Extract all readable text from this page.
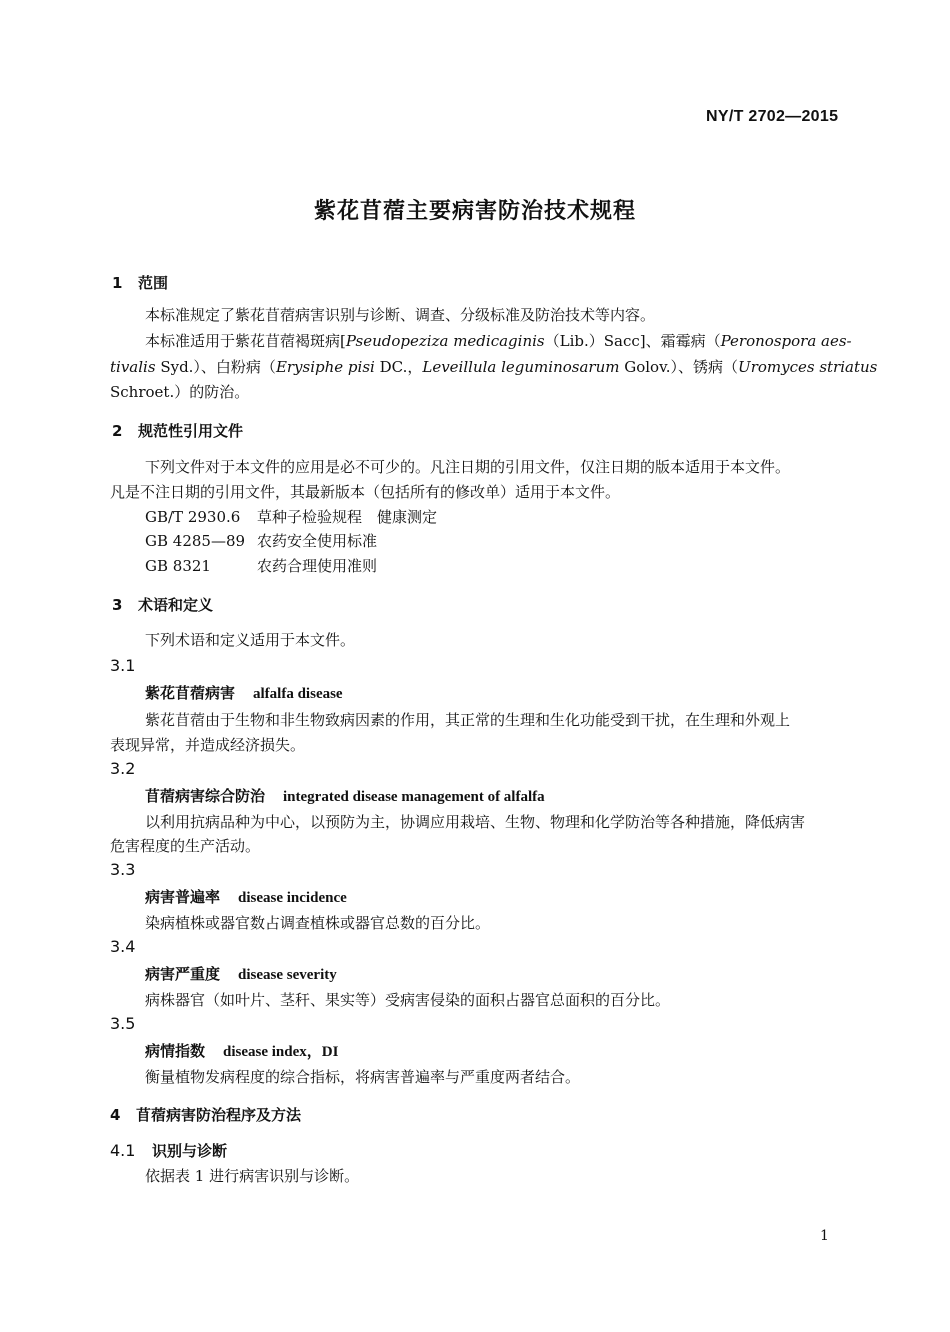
NY/T 2702—2015
紫花苜蓿主要病害防治技术规程
1 范围
本标准规定了紫花苜蓿病害识别与诊断、调查、分级标准及防治技术等内容。
本标准适用于紫花苜蓿褐斑病[Pseudopeziza medicaginis（Lib.）Sacc]、霜霉病（Peronospora aes-
tivalis Syd.）、白粉病（Erysiphe pisi DC.，Leveillula leguminosarum Golov.）、锈病（Uromyces striatus
Schroet.）的防治。
2 规范性引用文件
下列文件对于本文件的应用是必不可少的。凡注日期的引用文件，仅注日期的版本适用于本文件。
凡是不注日期的引用文件，其最新版本（包括所有的修改单）适用于本文件。
GB/T 2930.6 草种子检验规程　健康测定
GB 4285—89 农药安全使用标准
GB 8321	农药合理使用准则
3 术语和定义
下列术语和定义适用于本文件。
3.1
紫花苜蓿病害 alfalfa disease
紫花苜蓿由于生物和非生物致病因素的作用，其正常的生理和生化功能受到干扰，在生理和外观上
表现异常，并造成经济损失。
3.2
苜蓿病害综合防治 integrated disease management of alfalfa
以利用抗病品种为中心，以预防为主，协调应用栽培、生物、物理和化学防治等各种措施，降低病害
危害程度的生产活动。
3.3
病害普遍率 disease incidence
染病植株或器官数占调查植株或器官总数的百分比。
3.4
病害严重度 disease severity
病株器官（如叶片、茎秆、果实等）受病害侵染的面积占器官总面积的百分比。
3.5
病情指数 disease index，DI
衡量植物发病程度的综合指标，将病害普遍率与严重度两者结合。
4 苜蓿病害防治程序及方法
4.1 识别与诊断
依据表 1 进行病害识别与诊断。
1
